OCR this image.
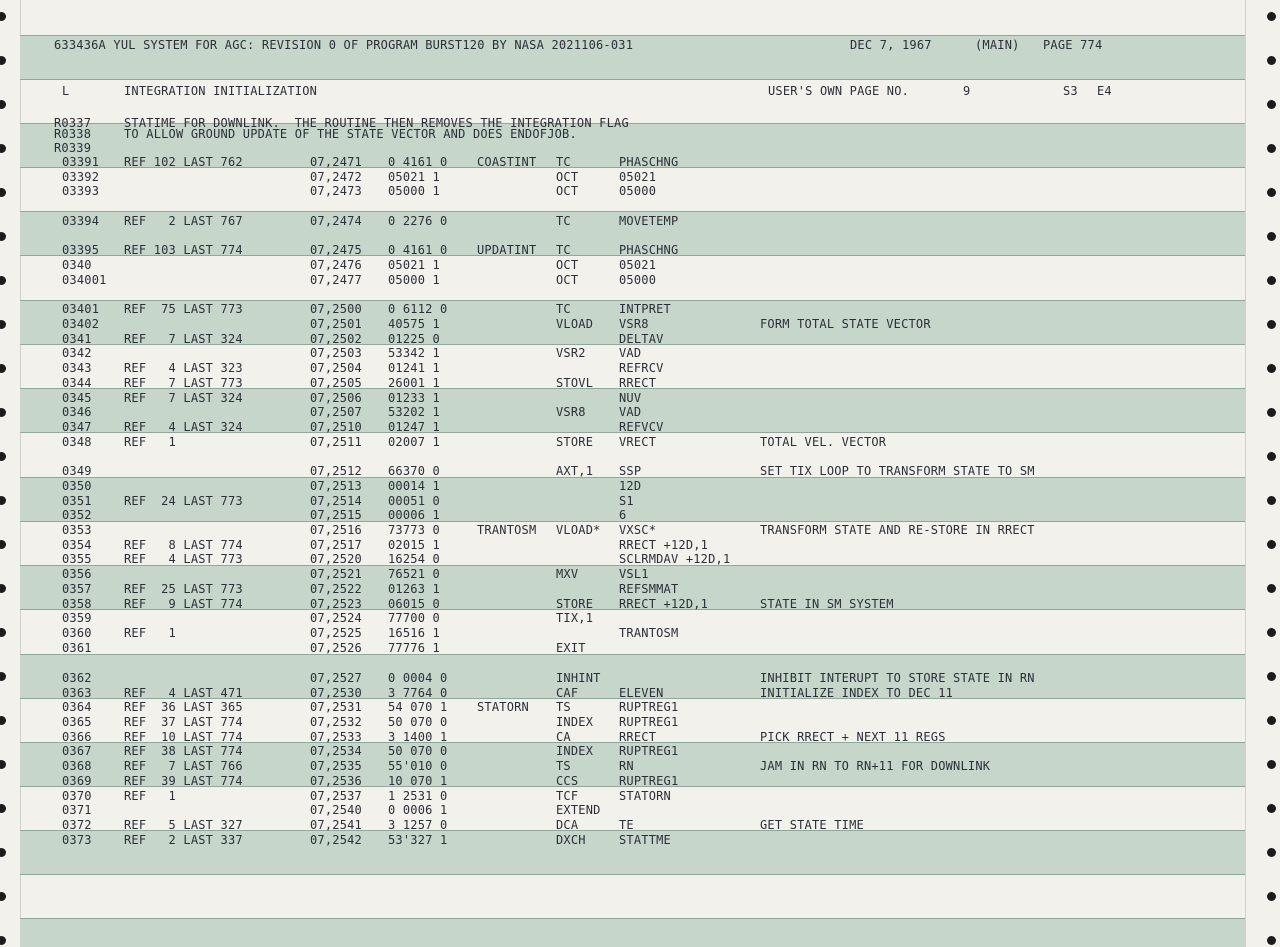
633436A YUL SYSTEM FOR AGC: REVISION 0 OF PROGRAM BURST120 BY NASA 2021106-031	DEC 7, 1967	(MAIN) PAGE 774
L	INTEGRATION INITIALIZATION	USER'S OWN PAGE NO.	9	S3 E4
R0337	STATIME FOR DOWNLINK.  THE ROUTINE THEN REMOVES THE INTEGRATION FLAG
R0338	TO ALLOW GROUND UPDATE OF THE STATE VECTOR AND DOES ENDOFJOB.
R0339
03391 REF 102 LAST 762	07,2471 0 4161 0 COASTINT TC	PHASCHNG
03392	07,2472 05021 1	OCT	05021
03393	07,2473 05000 1	OCT	05000
03394 REF   2 LAST 767	07,2474 0 2276 0	TC	MOVETEMP
03395 REF 103 LAST 774	07,2475 0 4161 0 UPDATINT TC	PHASCHNG
0340	07,2476 05021 1	OCT	05021
034001	07,2477 05000 1	OCT	05000
03401 REF  75 LAST 773	07,2500 0 6112 0	TC	INTPRET
03402	07,2501 40575 1	VLOAD VSR8	FORM TOTAL STATE VECTOR
0341	REF   7 LAST 324	07,2502 01225 0	DELTAV
0342	07,2503 53342 1	VSR2	VAD
0343	REF   4 LAST 323	07,2504 01241 1	REFRCV
0344	REF   7 LAST 773	07,2505 26001 1	STOVL RRECT
0345	REF   7 LAST 324	07,2506 01233 1	NUV
0346	07,2507 53202 1	VSR8	VAD
0347	REF   4 LAST 324	07,2510 01247 1	REFVCV
0348	REF   1	07,2511 02007 1	STORE VRECT	TOTAL VEL. VECTOR
0349	07,2512 66370 0	AXT,1 SSP	SET TIX LOOP TO TRANSFORM STATE TO SM
0350	07,2513 00014 1	12D
0351	REF  24 LAST 773	07,2514 00051 0	S1
0352	07,2515 00006 1	6
0353	07,2516 73773 0	TRANTOSM VLOAD* VXSC*	TRANSFORM STATE AND RE-STORE IN RRECT
0354	REF   8 LAST 774	07,2517 02015 1	RRECT +12D,1
0355	REF   4 LAST 773	07,2520 16254 0	SCLRMDAV +12D,1
0356	07,2521 76521 0	MXV	VSL1
0357	REF  25 LAST 773	07,2522 01263 1	REFSMMAT
0358	REF   9 LAST 774	07,2523 06015 0	STORE RRECT +12D,1	STATE IN SM SYSTEM
0359	07,2524 77700 0	TIX,1
0360	REF   1	07,2525 16516 1	TRANTOSM
0361	07,2526 77776 1	EXIT
0362	07,2527 0 0004 0	INHINT	INHIBIT INTERUPT TO STORE STATE IN RN
0363	REF   4 LAST 471	07,2530 3 7764 0	CAF	ELEVEN	INITIALIZE INDEX TO DEC 11
0364	REF  36 LAST 365	07,2531 54 070 1 STATORN TS	RUPTREG1
0365	REF  37 LAST 774	07,2532 50 070 0	INDEX RUPTREG1
0366	REF  10 LAST 774	07,2533 3 1400 1	CA	RRECT	PICK RRECT + NEXT 11 REGS
0367	REF  38 LAST 774	07,2534 50 070 0	INDEX RUPTREG1
0368	REF   7 LAST 766	07,2535 55'010 0	TS	RN	JAM IN RN TO RN+11 FOR DOWNLINK
0369	REF  39 LAST 774	07,2536 10 070 1	CCS	RUPTREG1
0370	REF   1	07,2537 1 2531 0	TCF	STATORN
0371	07,2540 0 0006 1	EXTEND
0372	REF   5 LAST 327	07,2541 3 1257 0	DCA	TE	GET STATE TIME
0373	REF   2 LAST 337	07,2542 53'327 1	DXCH	STATTME
